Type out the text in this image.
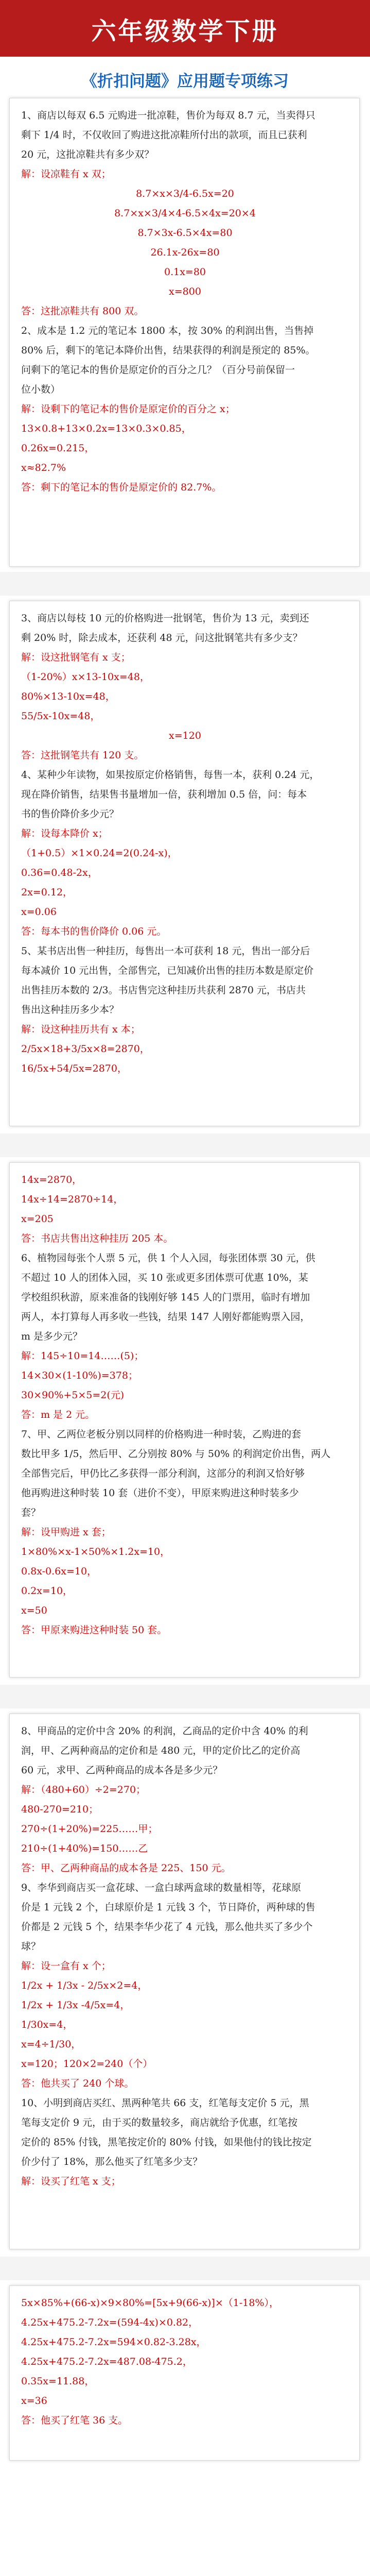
六年级数学下册
《折扣问题》应用题专项练习
1、商店以每双 6.5 元购进一批凉鞋，售价为每双 8.7 元，当卖得只
剩下 1/4 时，不仅收回了购进这批凉鞋所付出的款项，而且已获利
20 元，这批凉鞋共有多少双？
解：设凉鞋有 x 双；
8.7×x×3/4-6.5x=20
8.7×x×3/4×4-6.5×4x=20×4
8.7×3x-6.5×4x=80
26.1x-26x=80
0.1x=80
x=800
答：这批凉鞋共有 800 双。
2、成本是 1.2 元的笔记本 1800 本，按 30% 的利润出售，当售掉
80% 后，剩下的笔记本降价出售，结果获得的利润是预定的 85%。
问剩下的笔记本的售价是原定价的百分之几？（百分号前保留一
位小数）
解：设剩下的笔记本的售价是原定价的百分之 x；
13×0.8+13×0.2x=13×0.3×0.85，
0.26x=0.215，
x≈82.7%
答：剩下的笔记本的售价是原定价的 82.7%。
3、商店以每枝 10 元的价格购进一批钢笔，售价为 13 元，卖到还
剩 20% 时，除去成本，还获利 48 元，问这批钢笔共有多少支？
解：设这批钢笔有 x 支；
（1-20%）x×13-10x=48，
80%×13-10x=48，
55/5x-10x=48，
x=120
答：这批钢笔共有 120 支。
4、某种少年读物，如果按原定价格销售，每售一本，获利 0.24 元，
现在降价销售，结果售书量增加一倍，获利增加 0.5 倍，问：每本
书的售价降价多少元？
解：设每本降价 x；
（1+0.5）×1×0.24=2(0.24-x)，
0.36=0.48-2x，
2x=0.12，
x=0.06
答：每本书的售价降价 0.06 元。
5、某书店出售一种挂历，每售出一本可获利 18 元，售出一部分后
每本减价 10 元出售，全部售完，已知减价出售的挂历本数是原定价
出售挂历本数的 2/3。书店售完这种挂历共获利 2870 元，书店共
售出这种挂历多少本？
解：设这种挂历共有 x 本；
2/5x×18+3/5x×8=2870，
16/5x+54/5x=2870，
14x=2870，
14x÷14=2870÷14，
x=205
答：书店共售出这种挂历 205 本。
6、植物园每张个人票 5 元，供 1 个人入园，每张团体票 30 元，供
不超过 10 人的团体入园，买 10 张或更多团体票可优惠 10%，某
学校组织秋游，原来准备的钱刚好够 145 人的门票用，临时有增加
两人，本打算每人再多收一些钱，结果 147 人刚好都能购票入园，
m 是多少元？
解：145÷10=14……(5)；
14×30×(1-10%)=378；
30×90%+5×5=2(元)
答：m 是 2 元。
7、甲、乙两位老板分别以同样的价格购进一种时装，乙购进的套
数比甲多 1/5，然后甲、乙分别按 80% 与 50% 的利润定价出售，两人
全部售完后，甲仍比乙多获得一部分利润，这部分的利润又恰好够
他再购进这种时装 10 套（进价不变），甲原来购进这种时装多少
套？
解：设甲购进 x 套；
1×80%×x-1×50%×1.2x=10，
0.8x-0.6x=10，
0.2x=10，
x=50
答：甲原来购进这种时装 50 套。
8、甲商品的定价中含 20% 的利润，乙商品的定价中含 40% 的利
润，甲、乙两种商品的定价和是 480 元，甲的定价比乙的定价高
60 元，求甲、乙两种商品的成本各是多少元？
解：（480+60）÷2=270；
480-270=210；
270÷(1+20%)=225……甲；
210÷(1+40%)=150……乙
答：甲、乙两种商品的成本各是 225、150 元。
9、李华到商店买一盒花球、一盒白球两盒球的数量相等，花球原
价是 1 元钱 2 个，白球原价是 1 元钱 3 个，节日降价，两种球的售
价都是 2 元钱 5 个，结果李华少花了 4 元钱，那么他共买了多少个
球？
解：设一盒有 x 个；
1/2x + 1/3x - 2/5x×2=4，
1/2x + 1/3x -4/5x=4，
1/30x=4，
x=4÷1/30，
x=120；120×2=240（个）
答：他共买了 240 个球。
10、小明到商店买红、黑两种笔共 66 支，红笔每支定价 5 元，黑
笔每支定价 9 元，由于买的数量较多，商店就给予优惠，红笔按
定价的 85% 付钱，黑笔按定价的 80% 付钱，如果他付的钱比按定
价少付了 18%，那么他买了红笔多少支？
解：设买了红笔 x 支；
5x×85%+(66-x)×9×80%=[5x+9(66-x)]×（1-18%），
4.25x+475.2-7.2x=(594-4x)×0.82，
4.25x+475.2-7.2x=594×0.82-3.28x，
4.25x+475.2-7.2x=487.08-475.2，
0.35x=11.88，
x=36
答：他买了红笔 36 支。
